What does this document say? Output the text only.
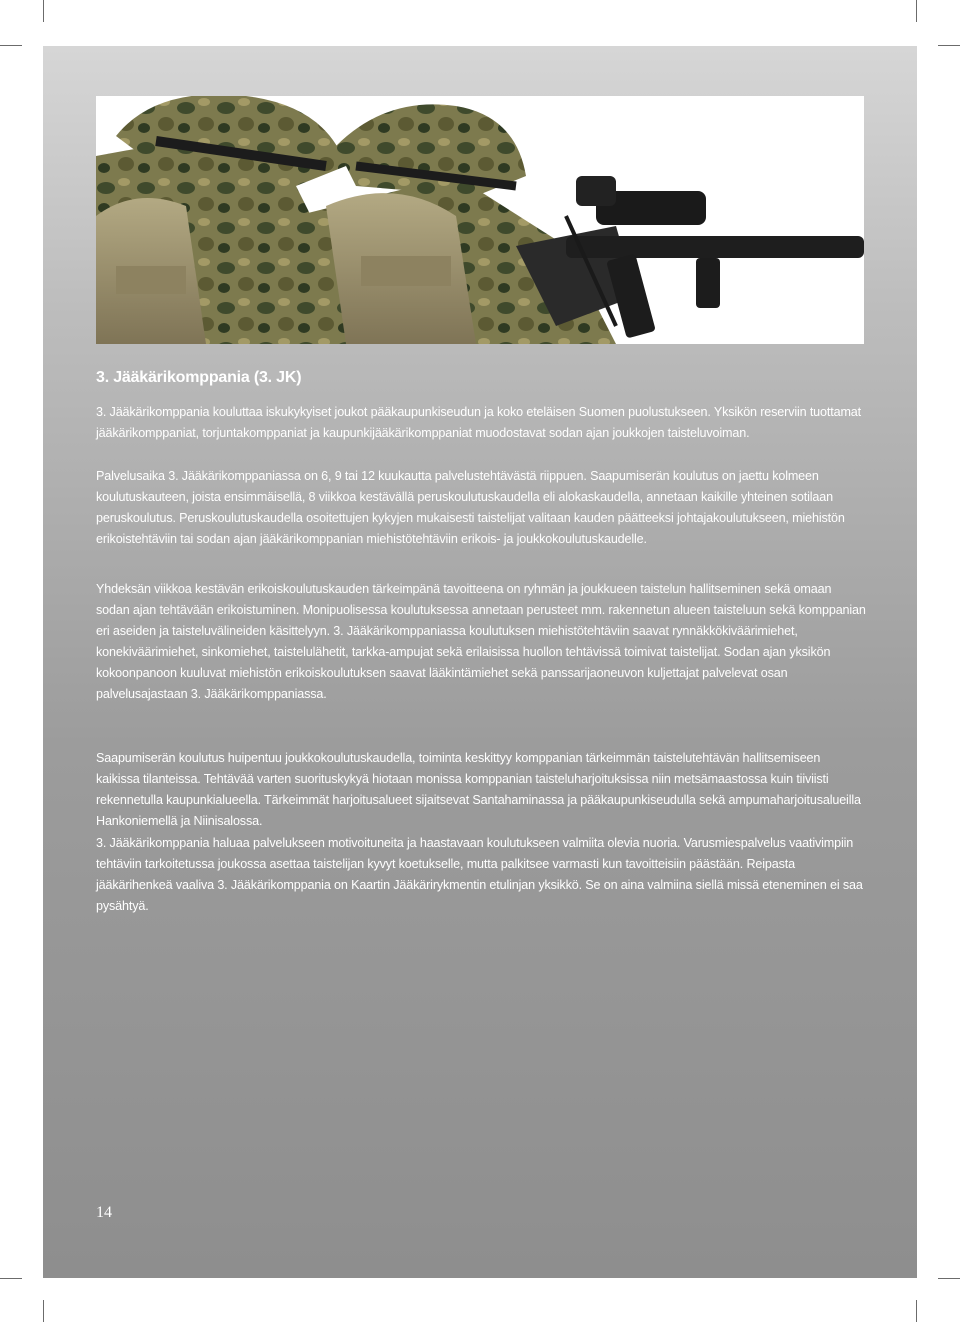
3. Jääkärikomppania (3. JK)

3. Jääkärikomppania kouluttaa iskukykyiset joukot pääkaupunkiseudun ja koko eteläisen Suomen puolustukseen. Yksikön reserviin tuottamat jääkärikomppaniat, torjuntakomppaniat ja kaupunkijääkärikomppaniat muodostavat sodan ajan joukkojen taisteluvoiman.

Palvelusaika 3. Jääkärikomppaniassa on 6, 9 tai 12 kuukautta palvelustehtävästä riippuen. Saapumiserän koulutus on jaettu kolmeen koulutuskauteen, joista ensimmäisellä, 8 viikkoa kestävällä peruskoulutuskaudella eli alokaskaudella, annetaan kaikille yhteinen sotilaan peruskoulutus. Peruskoulutuskaudella osoitettujen kykyjen mukaisesti taistelijat valitaan kauden päätteeksi johtajakoulutukseen, miehistön erikoistehtäviin tai sodan ajan jääkärikomppanian miehistötehtäviin erikois- ja joukkokoulutuskaudelle.

Yhdeksän viikkoa kestävän erikoiskoulutuskauden tärkeimpänä tavoitteena on ryhmän ja joukkueen taistelun hallitseminen sekä omaan sodan ajan tehtävään erikoistuminen. Monipuolisessa koulutuksessa annetaan perusteet mm. rakennetun alueen taisteluun sekä komppanian eri aseiden ja taisteluvälineiden käsittelyyn. 3. Jääkärikomppaniassa koulutuksen miehistötehtäviin saavat rynnäkkökiväärimiehet, konekiväärimiehet, sinkomiehet, taistelulähetit, tarkka-ampujat sekä erilaisissa huollon tehtävissä toimivat taistelijat. Sodan ajan yksikön kokoonpanoon kuuluvat miehistön erikoiskoulutuksen saavat lääkintämiehet sekä panssarijaoneuvon kuljettajat palvelevat osan palvelusajastaan 3. Jääkärikomppaniassa.

Saapumiserän koulutus huipentuu joukkokoulutuskaudella, toiminta keskittyy komppanian tärkeimmän taistelutehtävän hallitsemiseen kaikissa tilanteissa. Tehtävää varten suorituskykyä hiotaan monissa komppanian taisteluharjoituksissa niin metsämaastossa kuin tiiviisti rekennetulla kaupunkialueella. Tärkeimmät harjoitusalueet sijaitsevat Santahaminassa ja pääkaupunkiseudulla sekä ampumaharjoitusalueilla Hankoniemellä ja Niinisalossa.

3. Jääkärikomppania haluaa palvelukseen motivoituneita ja haastavaan koulutukseen valmiita olevia nuoria. Varusmiespalvelus vaativimpiin tehtäviin tarkoitetussa joukossa asettaa taistelijan kyvyt koetukselle, mutta palkitsee varmasti kun tavoitteisiin päästään. Reipasta jääkärihenkeä vaaliva 3. Jääkärikomppania on Kaartin Jääkärirykmentin etulinjan yksikkö. Se on aina valmiina siellä missä eteneminen ei saa pysähtyä.

14
